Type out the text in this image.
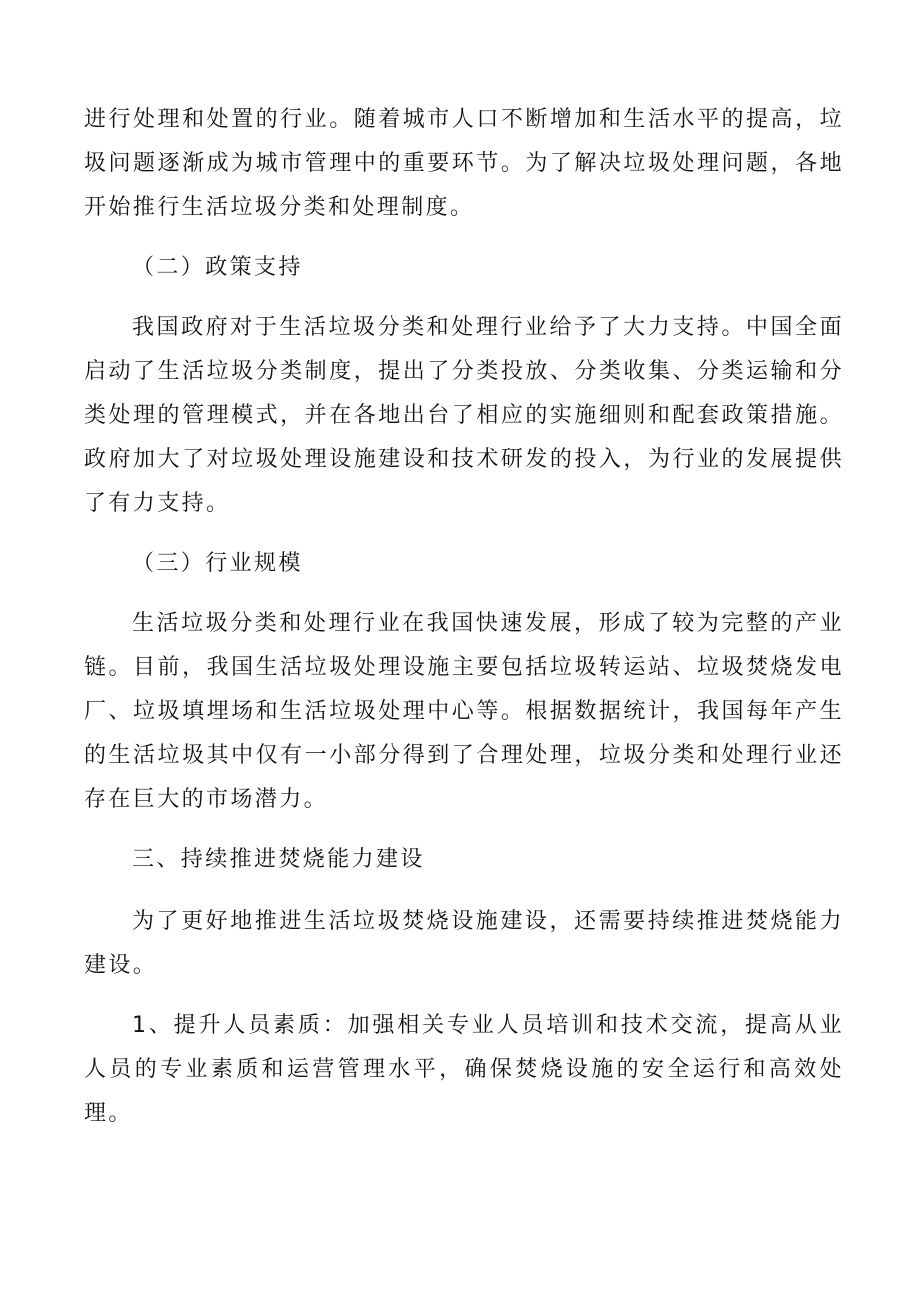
进行处理和处置的行业。随着城市人口不断增加和生活水平的提高，垃圾问题逐渐成为城市管理中的重要环节。为了解决垃圾处理问题，各地开始推行生活垃圾分类和处理制度。

（二）政策支持

我国政府对于生活垃圾分类和处理行业给予了大力支持。中国全面启动了生活垃圾分类制度，提出了分类投放、分类收集、分类运输和分类处理的管理模式，并在各地出台了相应的实施细则和配套政策措施。政府加大了对垃圾处理设施建设和技术研发的投入，为行业的发展提供了有力支持。

（三）行业规模

生活垃圾分类和处理行业在我国快速发展，形成了较为完整的产业链。目前，我国生活垃圾处理设施主要包括垃圾转运站、垃圾焚烧发电厂、垃圾填埋场和生活垃圾处理中心等。根据数据统计，我国每年产生的生活垃圾其中仅有一小部分得到了合理处理，垃圾分类和处理行业还存在巨大的市场潜力。

三、持续推进焚烧能力建设

为了更好地推进生活垃圾焚烧设施建设，还需要持续推进焚烧能力建设。

1、提升人员素质：加强相关专业人员培训和技术交流，提高从业人员的专业素质和运营管理水平，确保焚烧设施的安全运行和高效处理。
